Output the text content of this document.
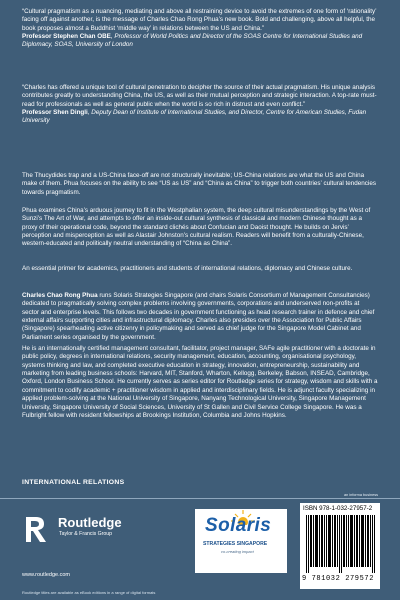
“Cultural pragmatism as a nuancing, mediating and above all restraining device to avoid the extremes of one form of ‘rationality’ facing off against another, is the message of Charles Chao Rong Phua’s new book. Bold and challenging, above all helpful, the book proposes almost a Buddhist ‘middle way’ in relations between the US and China.”
Professor Stephen Chan OBE, Professor of World Politics and Director of the SOAS Centre for International Studies and Diplomacy, SOAS, University of London
“Charles has offered a unique tool of cultural penetration to decipher the source of their actual pragmatism. His unique analysis contributes greatly to understanding China, the US, as well as their mutual perception and strategic interaction. A top-rate must-read for professionals as well as general public when the world is so rich in distrust and even conflict.”
Professor Shen Dingli, Deputy Dean of Institute of International Studies, and Director, Centre for American Studies, Fudan University

The Thucydides trap and a US-China face-off are not structurally inevitable; US-China relations are what the US and China make of them. Phua focuses on the ability to see “US as US” and “China as China” to trigger both countries’ cultural tendencies towards pragmatism.

Phua examines China’s arduous journey to fit in the Westphalian system, the deep cultural misunderstandings by the West of Sunzi’s The Art of War, and attempts to offer an inside-out cultural synthesis of classical and modern Chinese thought as a proxy of their operational code, beyond the standard clichés about Confucian and Daoist thought. He builds on Jervis’ perception and misperception as well as Alastair Johnston’s cultural realism. Readers will benefit from a culturally-Chinese, western-educated and politically neutral understanding of “China as China”.

An essential primer for academics, practitioners and students of international relations, diplomacy and Chinese culture.

Charles Chao Rong Phua runs Solaris Strategies Singapore (and chairs Solaris Consortium of Management Consultancies) dedicated to pragmatically solving complex problems involving governments, corporations and underserved non-profits at sector and enterprise levels. This follows two decades in government functioning as head research trainer in defence and chief external affairs supporting cities and infrastructural diplomacy. Charles also presides over the Association for Public Affairs (Singapore) spearheading active citizenry in policymaking and served as chief judge for the Singapore Model Cabinet and Parliament series organised by the government.

He is an internationally certified management consultant, facilitator, project manager, SAFe agile practitioner with a doctorate in public policy, degrees in international relations, security management, education, accounting, organisational psychology, systems thinking and law, and completed executive education in strategy, innovation, entrepreneurship, sustainability and marketing from leading business schools: Harvard, MIT, Stanford, Wharton, Kellogg, Berkeley, Babson, INSEAD, Cambridge, Oxford, London Business School. He currently serves as series editor for Routledge series for strategy, wisdom and skills with a commitment to codify academic + practitioner wisdom in applied and interdisciplinary fields. He is adjunct faculty specializing in applied problem-solving at the National University of Singapore, Nanyang Technological University, Singapore Management University, Singapore University of Social Sciences, University of St Gallen and Civil Service College Singapore. He was a Fulbright fellow with resident fellowships at Brookings Institution, Columbia and Johns Hopkins.

INTERNATIONAL RELATIONS
an informa business
Routledge
Taylor & Francis Group
www.routledge.com
Routledge titles are available as eBook editions in a range of digital formats
Solaris
STRATEGIES SINGAPORE
co-creating impact
ISBN 978-1-032-27957-2
9 781032 279572
